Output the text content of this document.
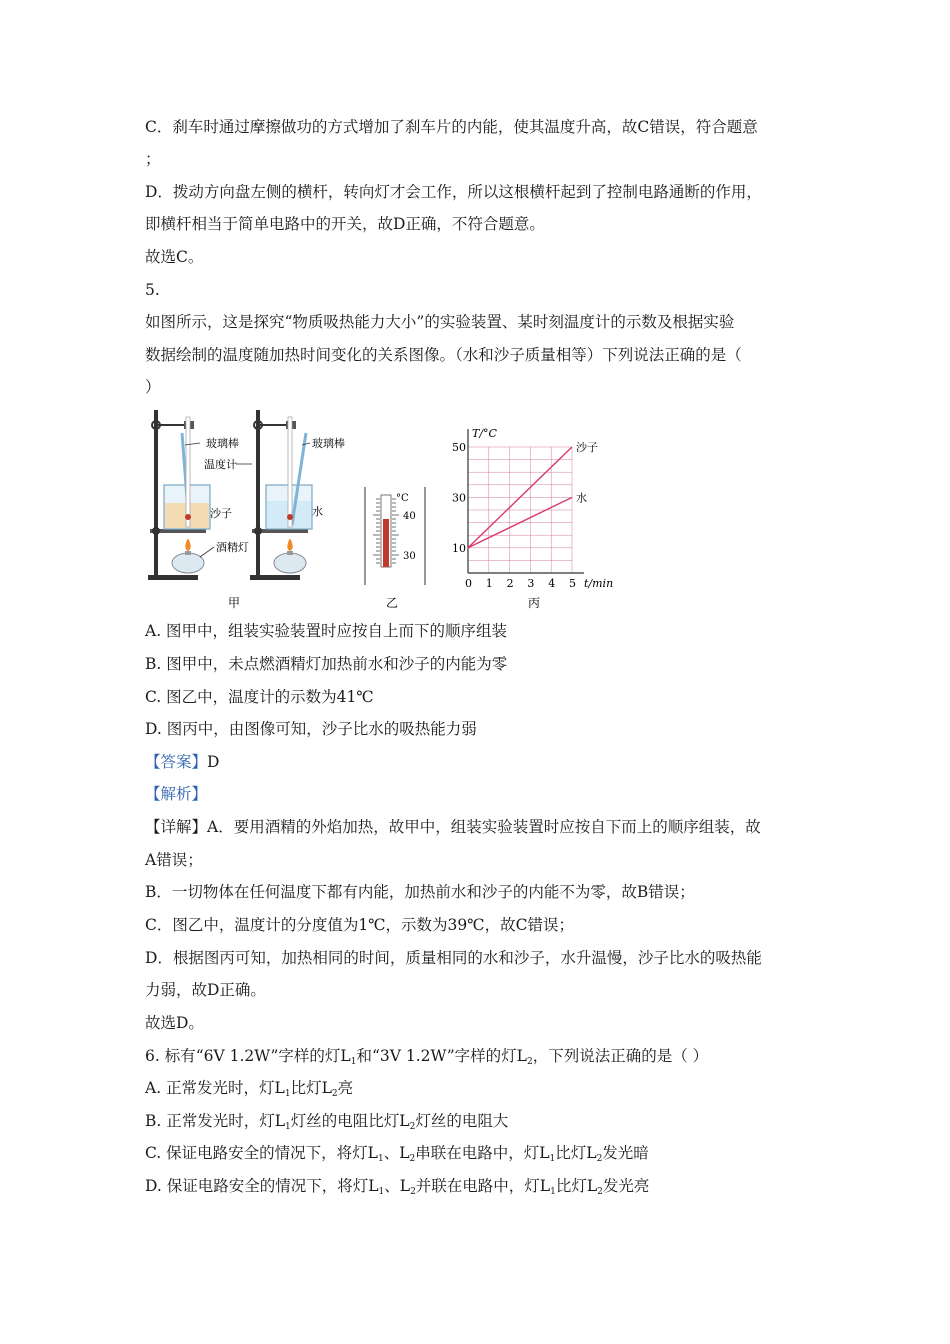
C．刹车时通过摩擦做功的方式增加了刹车片的内能，使其温度升高，故C错误，符合题意
；
D．拨动方向盘左侧的横杆，转向灯才会工作，所以这根横杆起到了控制电路通断的作用，
即横杆相当于简单电路中的开关，故D正确，不符合题意。
故选C。
5.
如图所示，这是探究“物质吸热能力大小”的实验装置、某时刻温度计的示数及根据实验
数据绘制的温度随加热时间变化的关系图像。（水和沙子质量相等）下列说法正确的是（
）
玻璃棒
温度计
沙子
酒精灯
甲
玻璃棒
水
°C
40
30
乙
T/°C
t/min
0 1 2 3 4 5
10
30
50	沙子
水
丙
A. 图甲中，组装实验装置时应按自上而下的顺序组装
B. 图甲中，未点燃酒精灯加热前水和沙子的内能为零
C. 图乙中，温度计的示数为41℃
D. 图丙中，由图像可知，沙子比水的吸热能力弱
【答案】D
【解析】
【详解】A．要用酒精的外焰加热，故甲中，组装实验装置时应按自下而上的顺序组装，故
A错误；
B．一切物体在任何温度下都有内能，加热前水和沙子的内能不为零，故B错误；
C．图乙中，温度计的分度值为1℃，示数为39℃，故C错误；
D．根据图丙可知，加热相同的时间，质量相同的水和沙子，水升温慢，沙子比水的吸热能
力弱，故D正确。
故选D。
6. 标有“6V 1.2W”字样的灯$L_1$和“3V 1.2W”字样的灯$L_2$，下列说法正确的是（ ）
A. 正常发光时，灯$L_1$比灯$L_2$亮
B. 正常发光时，灯$L_1$灯丝的电阻比灯$L_2$灯丝的电阻大
C. 保证电路安全的情况下，将灯$L_1$、$L_2$串联在电路中，灯$L_1$比灯$L_2$发光暗
D. 保证电路安全的情况下，将灯$L_1$、$L_2$并联在电路中，灯$L_1$比灯$L_2$发光亮
